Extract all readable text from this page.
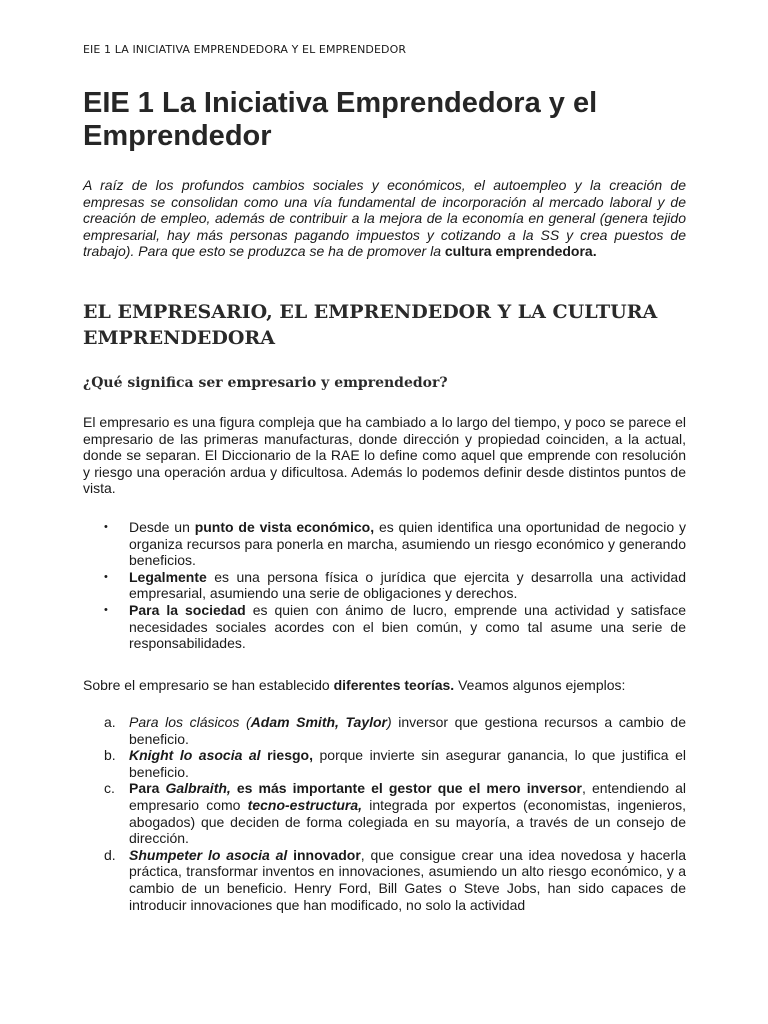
EIE 1 LA INICIATIVA EMPRENDEDORA Y EL EMPRENDEDOR
EIE 1 La Iniciativa Emprendedora y el
Emprendedor

A raíz de los profundos cambios sociales y económicos, el autoempleo y la creación de empresas se consolidan como una vía fundamental de incorporación al mercado laboral y de creación de empleo, además de contribuir a la mejora de la economía en general (genera tejido empresarial, hay más personas pagando impuestos y cotizando a la SS y crea puestos de trabajo). Para que esto se produzca se ha de promover la cultura emprendedora.

EL EMPRESARIO, EL EMPRENDEDOR Y LA CULTURA
EMPRENDEDORA
¿Qué significa ser empresario y emprendedor?

El empresario es una figura compleja que ha cambiado a lo largo del tiempo, y poco se parece el empresario de las primeras manufacturas, donde dirección y propiedad coinciden, a la actual, donde se separan. El Diccionario de la RAE lo define como aquel que emprende con resolución y riesgo una operación ardua y dificultosa. Además lo podemos definir desde distintos puntos de vista.

• Desde un punto de vista económico, es quien identifica una oportunidad de negocio y organiza recursos para ponerla en marcha, asumiendo un riesgo económico y generando beneficios.
• Legalmente es una persona física o jurídica que ejercita y desarrolla una actividad empresarial, asumiendo una serie de obligaciones y derechos.
• Para la sociedad es quien con ánimo de lucro, emprende una actividad y satisface necesidades sociales acordes con el bien común, y como tal asume una serie de responsabilidades.

Sobre el empresario se han establecido diferentes teorías. Veamos algunos ejemplos:

a. Para los clásicos (Adam Smith, Taylor) inversor que gestiona recursos a cambio de beneficio.
b. Knight lo asocia al riesgo, porque invierte sin asegurar ganancia, lo que justifica el beneficio.
c. Para Galbraith, es más importante el gestor que el mero inversor, entendiendo al empresario como tecno-estructura, integrada por expertos (economistas, ingenieros, abogados) que deciden de forma colegiada en su mayoría, a través de un consejo de dirección.
d. Shumpeter lo asocia al innovador, que consigue crear una idea novedosa y hacerla práctica, transformar inventos en innovaciones, asumiendo un alto riesgo económico, y a cambio de un beneficio. Henry Ford, Bill Gates o Steve Jobs, han sido capaces de introducir innovaciones que han modificado, no solo la actividad
